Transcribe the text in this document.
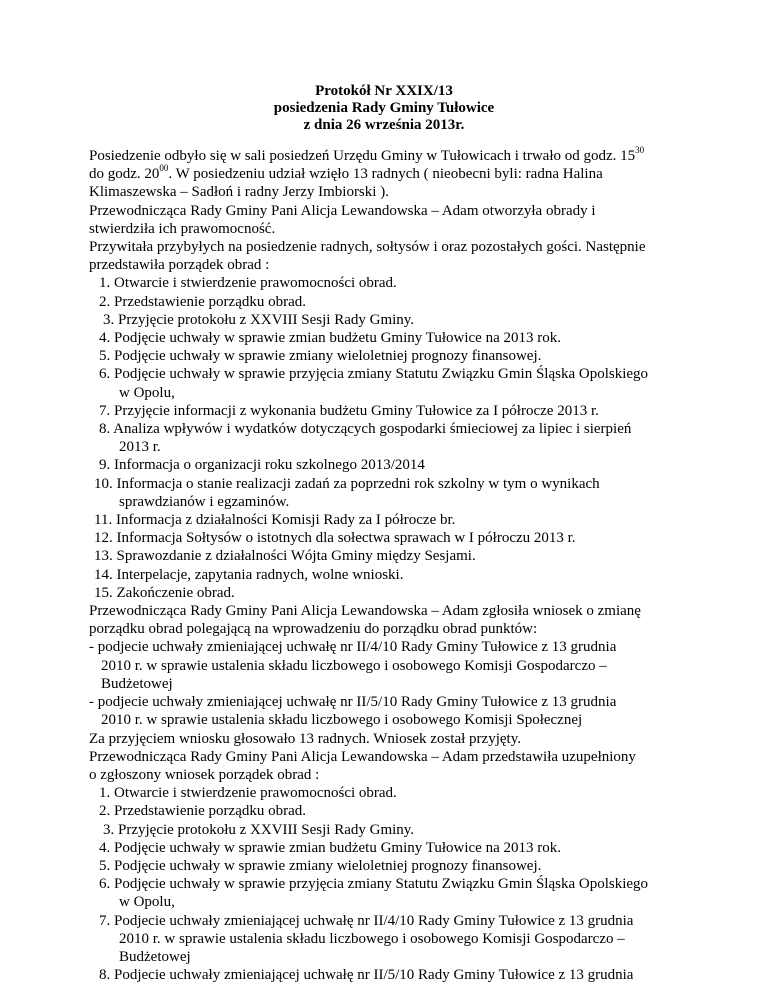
Protokół Nr XXIX/13
posiedzenia Rady Gminy Tułowice
z dnia 26 września 2013r.
Posiedzenie odbyło się w sali posiedzeń Urzędu Gminy w Tułowicach i trwało od godz. $15^{30}$
do godz. $20^{00}$. W posiedzeniu udział wzięło 13 radnych ( nieobecni byli: radna Halina
Klimaszewska – Sadłoń i radny Jerzy Imbiorski ).
Przewodnicząca Rady Gminy Pani Alicja Lewandowska – Adam otworzyła obrady i
stwierdziła ich prawomocność.
Przywitała przybyłych na posiedzenie radnych, sołtysów i oraz pozostałych gości. Następnie
przedstawiła porządek obrad :
1. Otwarcie i stwierdzenie prawomocności obrad.
2. Przedstawienie porządku obrad.
3. Przyjęcie protokołu z XXVIII Sesji Rady Gminy.
4. Podjęcie uchwały w sprawie zmian budżetu Gminy Tułowice na 2013 rok.
5. Podjęcie uchwały w sprawie zmiany wieloletniej prognozy finansowej.
6. Podjęcie uchwały w sprawie przyjęcia zmiany Statutu Związku Gmin Śląska Opolskiego
w Opolu,
7. Przyjęcie informacji z wykonania budżetu Gminy Tułowice za I półrocze 2013 r.
8. Analiza wpływów i wydatków dotyczących gospodarki śmieciowej za lipiec i sierpień
2013 r.
9. Informacja o organizacji roku szkolnego 2013/2014
10. Informacja o stanie realizacji zadań za poprzedni rok szkolny w tym o wynikach
sprawdzianów i egzaminów.
11. Informacja z działalności Komisji Rady za I półrocze br.
12. Informacja Sołtysów o istotnych dla sołectwa sprawach w I półroczu 2013 r.
13. Sprawozdanie z działalności Wójta Gminy między Sesjami.
14. Interpelacje, zapytania radnych, wolne wnioski.
15. Zakończenie obrad.
Przewodnicząca Rady Gminy Pani Alicja Lewandowska – Adam zgłosiła wniosek o zmianę
porządku obrad polegającą na wprowadzeniu do porządku obrad punktów:
- podjecie uchwały zmieniającej uchwałę nr II/4/10 Rady Gminy Tułowice z 13 grudnia
2010 r. w sprawie ustalenia składu liczbowego i osobowego Komisji Gospodarczo –
Budżetowej
- podjecie uchwały zmieniającej uchwałę nr II/5/10 Rady Gminy Tułowice z 13 grudnia
2010 r. w sprawie ustalenia składu liczbowego i osobowego Komisji Społecznej
Za przyjęciem wniosku głosowało 13 radnych. Wniosek został przyjęty.
Przewodnicząca Rady Gminy Pani Alicja Lewandowska – Adam przedstawiła uzupełniony
o zgłoszony wniosek porządek obrad :
1. Otwarcie i stwierdzenie prawomocności obrad.
2. Przedstawienie porządku obrad.
3. Przyjęcie protokołu z XXVIII Sesji Rady Gminy.
4. Podjęcie uchwały w sprawie zmian budżetu Gminy Tułowice na 2013 rok.
5. Podjęcie uchwały w sprawie zmiany wieloletniej prognozy finansowej.
6. Podjęcie uchwały w sprawie przyjęcia zmiany Statutu Związku Gmin Śląska Opolskiego
w Opolu,
7. Podjecie uchwały zmieniającej uchwałę nr II/4/10 Rady Gminy Tułowice z 13 grudnia
2010 r. w sprawie ustalenia składu liczbowego i osobowego Komisji Gospodarczo –
Budżetowej
8. Podjecie uchwały zmieniającej uchwałę nr II/5/10 Rady Gminy Tułowice z 13 grudnia
